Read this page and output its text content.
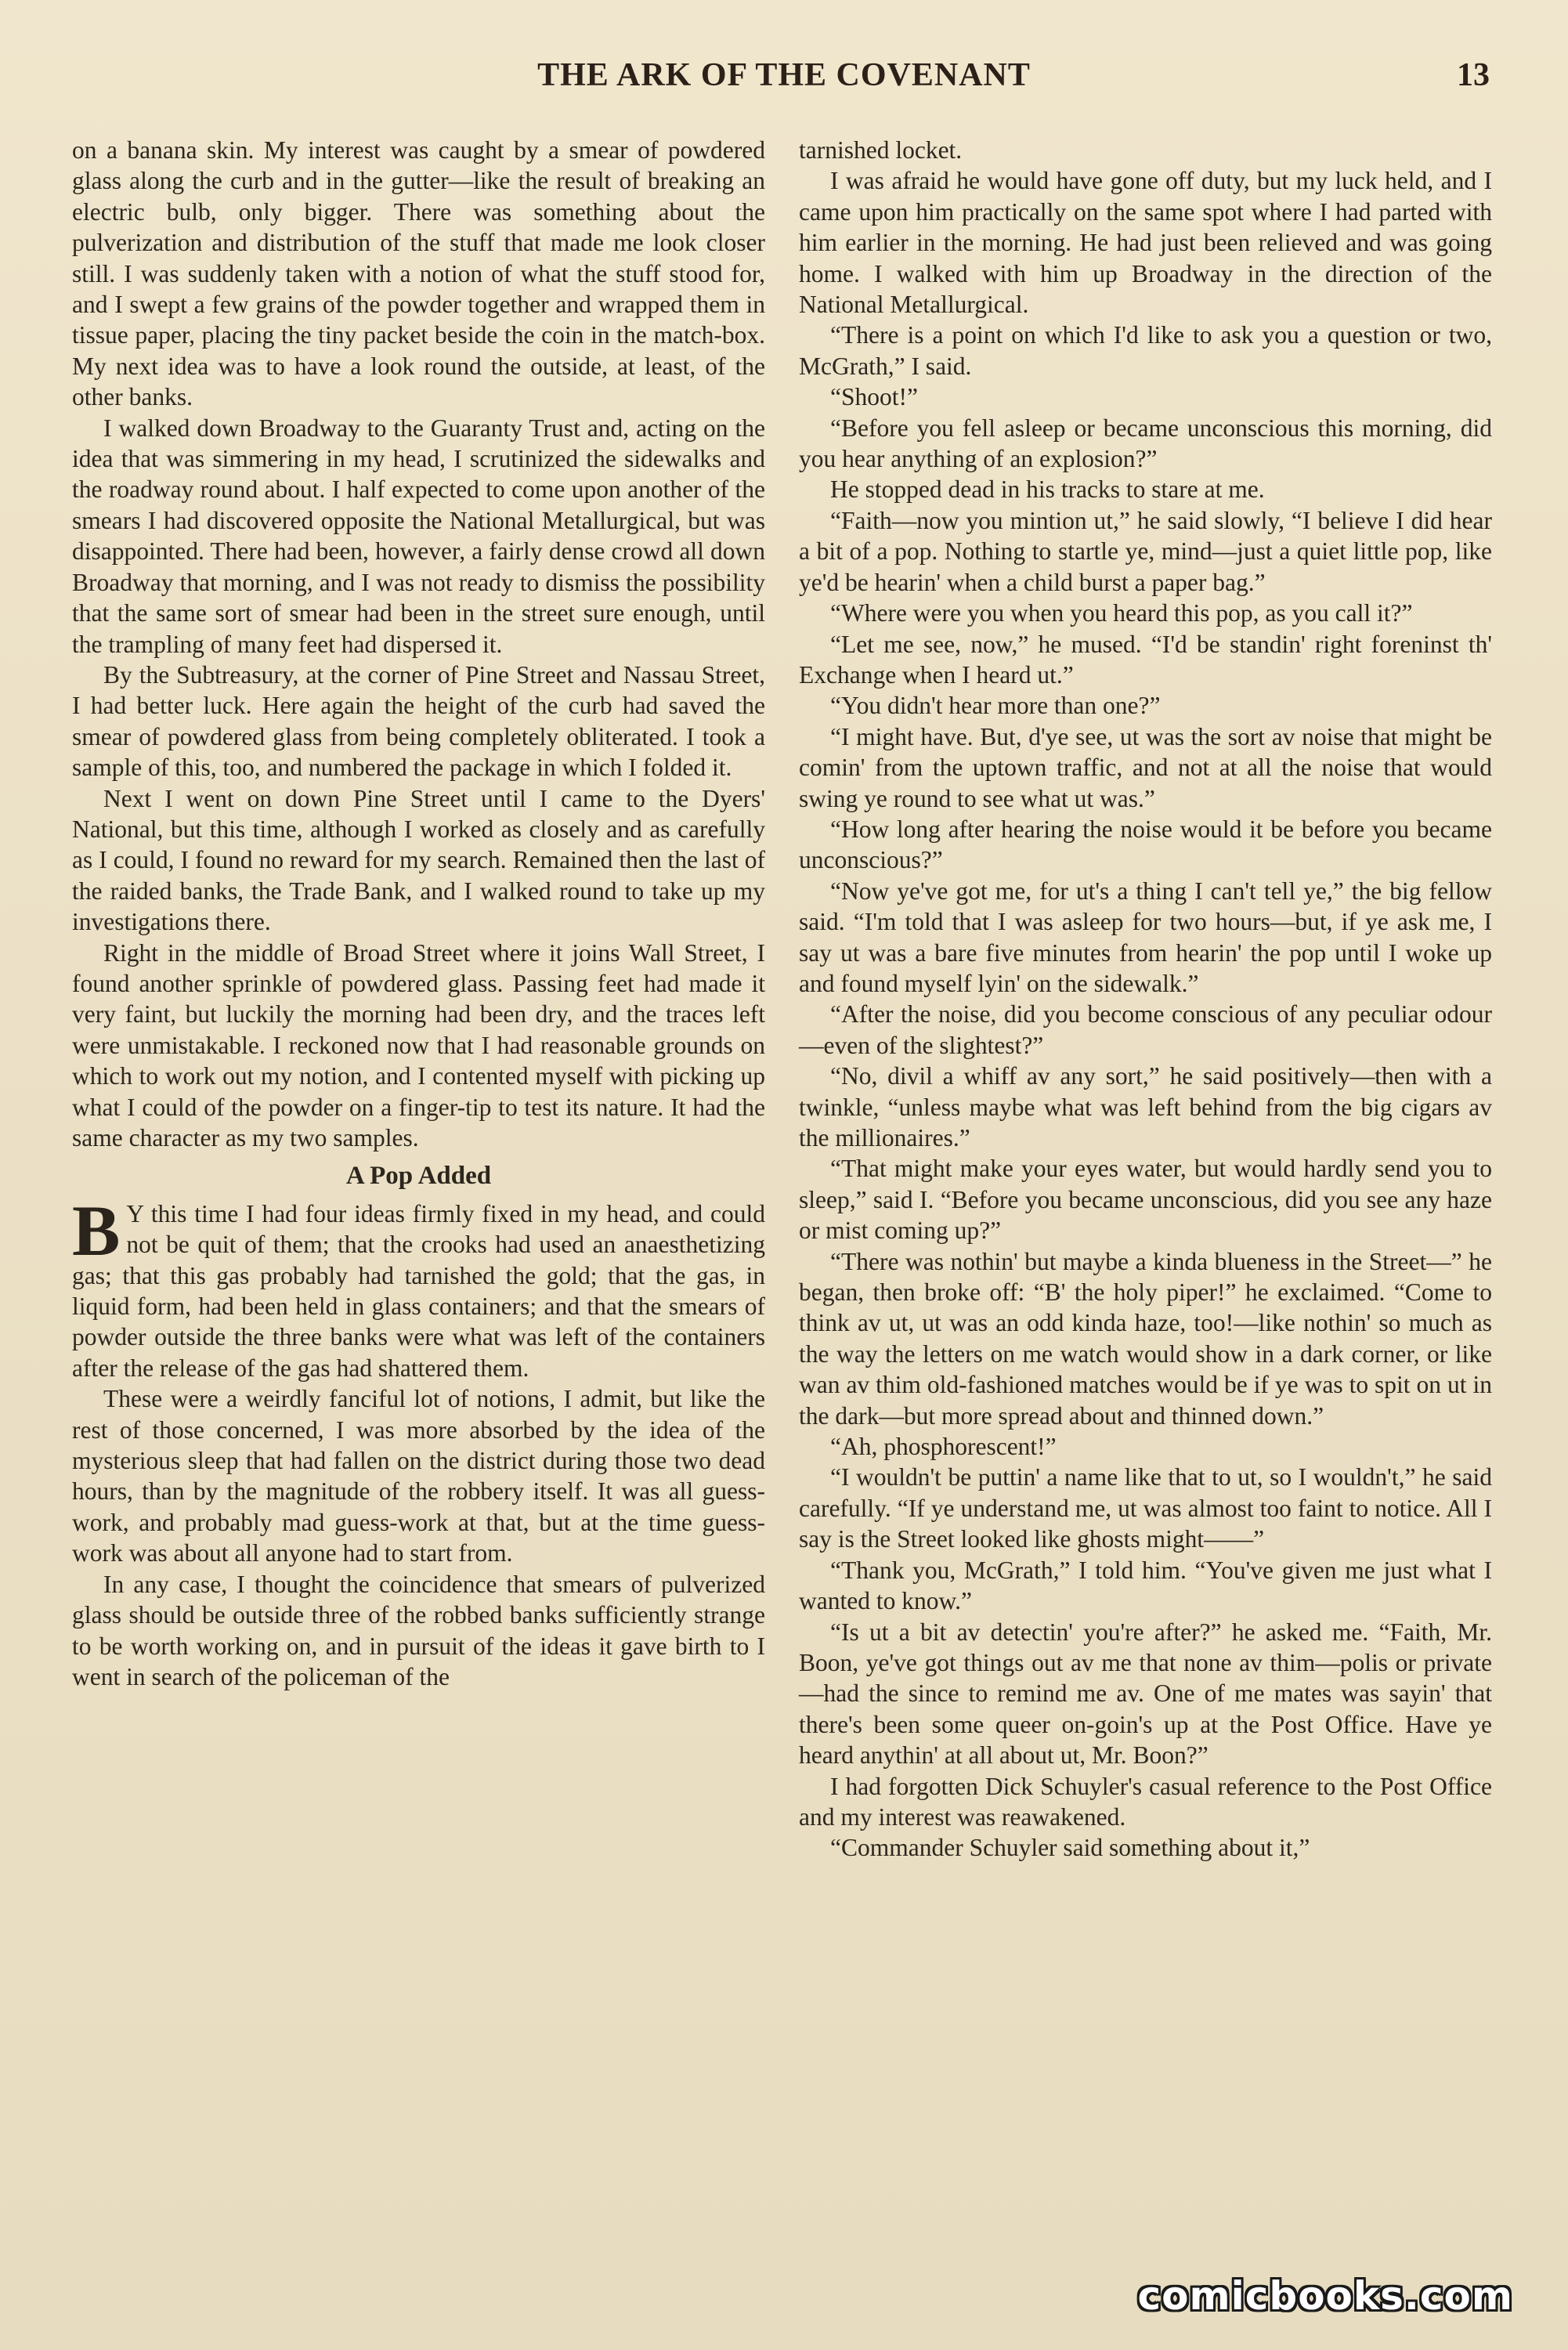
THE ARK OF THE COVENANT	13

on a banana skin. My interest was caught by a smear of powdered glass along the curb and in the gutter—like the result of breaking an electric bulb, only bigger. There was something about the pulverization and distribution of the stuff that made me look closer still. I was suddenly taken with a notion of what the stuff stood for, and I swept a few grains of the powder together and wrapped them in tissue paper, placing the tiny packet beside the coin in the match-box. My next idea was to have a look round the outside, at least, of the other banks.

I walked down Broadway to the Guaranty Trust and, acting on the idea that was simmering in my head, I scrutinized the sidewalks and the roadway round about. I half expected to come upon another of the smears I had discovered opposite the National Metallurgical, but was disappointed. There had been, however, a fairly dense crowd all down Broadway that morning, and I was not ready to dismiss the possibility that the same sort of smear had been in the street sure enough, until the trampling of many feet had dispersed it.

By the Subtreasury, at the corner of Pine Street and Nassau Street, I had better luck. Here again the height of the curb had saved the smear of powdered glass from being completely obliterated. I took a sample of this, too, and numbered the package in which I folded it.

Next I went on down Pine Street until I came to the Dyers' National, but this time, although I worked as closely and as carefully as I could, I found no reward for my search. Remained then the last of the raided banks, the Trade Bank, and I walked round to take up my investigations there.

Right in the middle of Broad Street where it joins Wall Street, I found another sprinkle of powdered glass. Passing feet had made it very faint, but luckily the morning had been dry, and the traces left were unmistakable. I reckoned now that I had reasonable grounds on which to work out my notion, and I contented myself with picking up what I could of the powder on a finger-tip to test its nature. It had the same character as my two samples.

A Pop Added

B Y this time I had four ideas firmly fixed in my head, and could not be quit of them; that the crooks had used an anaesthetizing gas; that this gas probably had tarnished the gold; that the gas, in liquid form, had been held in glass containers; and that the smears of powder outside the three banks were what was left of the containers after the release of the gas had shattered them.

These were a weirdly fanciful lot of notions, I admit, but like the rest of those concerned, I was more absorbed by the idea of the mysterious sleep that had fallen on the district during those two dead hours, than by the magnitude of the robbery itself. It was all guess-work, and probably mad guess-work at that, but at the time guess-work was about all anyone had to start from.

In any case, I thought the coincidence that smears of pulverized glass should be outside three of the robbed banks sufficiently strange to be worth working on, and in pursuit of the ideas it gave birth to I went in search of the policeman of the

tarnished locket.

I was afraid he would have gone off duty, but my luck held, and I came upon him practically on the same spot where I had parted with him earlier in the morning. He had just been relieved and was going home. I walked with him up Broadway in the direction of the National Metallurgical.

“There is a point on which I'd like to ask you a question or two, McGrath,” I said.

“Shoot!”

“Before you fell asleep or became unconscious this morning, did you hear anything of an explosion?”

He stopped dead in his tracks to stare at me.

“Faith—now you mintion ut,” he said slowly, “I believe I did hear a bit of a pop. Nothing to startle ye, mind—just a quiet little pop, like ye'd be hearin' when a child burst a paper bag.”

“Where were you when you heard this pop, as you call it?”

“Let me see, now,” he mused. “I'd be standin' right foreninst th' Exchange when I heard ut.”

“You didn't hear more than one?”

“I might have. But, d'ye see, ut was the sort av noise that might be comin' from the uptown traffic, and not at all the noise that would swing ye round to see what ut was.”

“How long after hearing the noise would it be before you became unconscious?”

“Now ye've got me, for ut's a thing I can't tell ye,” the big fellow said. “I'm told that I was asleep for two hours—but, if ye ask me, I say ut was a bare five minutes from hearin' the pop until I woke up and found myself lyin' on the sidewalk.”

“After the noise, did you become conscious of any peculiar odour—even of the slightest?”

“No, divil a whiff av any sort,” he said positively—then with a twinkle, “unless maybe what was left behind from the big cigars av the millionaires.”

“That might make your eyes water, but would hardly send you to sleep,” said I. “Before you became unconscious, did you see any haze or mist coming up?”

“There was nothin' but maybe a kinda blueness in the Street—” he began, then broke off: “B' the holy piper!” he exclaimed. “Come to think av ut, ut was an odd kinda haze, too!—like nothin' so much as the way the letters on me watch would show in a dark corner, or like wan av thim old-fashioned matches would be if ye was to spit on ut in the dark—but more spread about and thinned down.”

“Ah, phosphorescent!”

“I wouldn't be puttin' a name like that to ut, so I wouldn't,” he said carefully. “If ye understand me, ut was almost too faint to notice. All I say is the Street looked like ghosts might——”

“Thank you, McGrath,” I told him. “You've given me just what I wanted to know.”

“Is ut a bit av detectin' you're after?” he asked me. “Faith, Mr. Boon, ye've got things out av me that none av thim—polis or private—had the since to remind me av. One of me mates was sayin' that there's been some queer on-goin's up at the Post Office. Have ye heard anythin' at all about ut, Mr. Boon?”

I had forgotten Dick Schuyler's casual reference to the Post Office and my interest was reawakened.

“Commander Schuyler said something about it,”

comicbooks.com
